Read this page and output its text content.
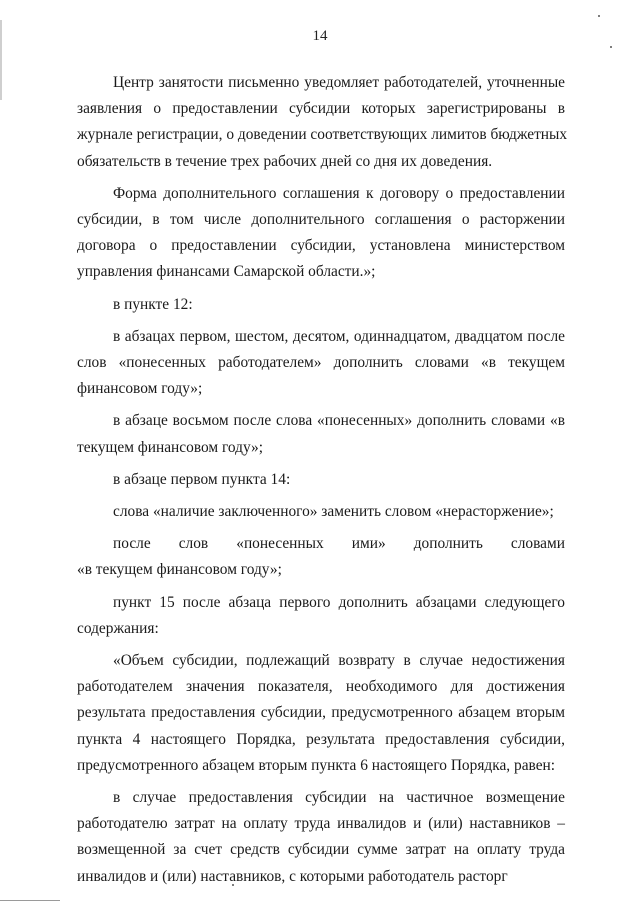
14
Центр занятости письменно уведомляет работодателей, уточненные
заявления о предоставлении субсидии которых зарегистрированы в
журнале регистрации, о доведении соответствующих лимитов бюджетных
обязательств в течение трех рабочих дней со дня их доведения.
Форма дополнительного соглашения к договору о предоставлении
субсидии, в том числе дополнительного соглашения о расторжении
договора о предоставлении субсидии, установлена министерством
управления финансами Самарской области.»;
в пункте 12:
в абзацах первом, шестом, десятом, одиннадцатом, двадцатом после
слов «понесенных работодателем» дополнить словами «в текущем
финансовом году»;
в абзаце восьмом после слова «понесенных» дополнить словами «в
текущем финансовом году»;
в абзаце первом пункта 14:
слова «наличие заключенного» заменить словом «нерасторжение»;
после слов «понесенных ими» дополнить словами
«в текущем финансовом году»;
пункт 15 после абзаца первого дополнить абзацами следующего
содержания:
«Объем субсидии, подлежащий возврату в случае недостижения
работодателем значения показателя, необходимого для достижения
результата предоставления субсидии, предусмотренного абзацем вторым
пункта 4 настоящего Порядка, результата предоставления субсидии,
предусмотренного абзацем вторым пункта 6 настоящего Порядка, равен:
в случае предоставления субсидии на частичное возмещение
работодателю затрат на оплату труда инвалидов и (или) наставников –
возмещенной за счет средств субсидии сумме затрат на оплату труда
инвалидов и (или) наставников, с которыми работодатель расторг
